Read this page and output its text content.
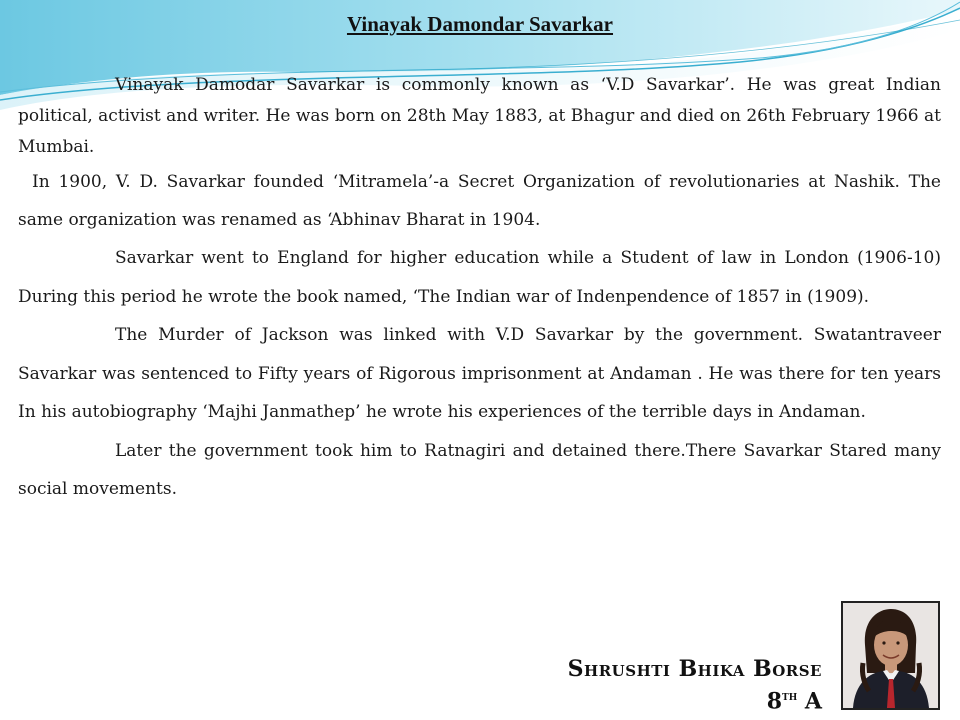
Vinayak Damondar Savarkar

Vinayak Damodar Savarkar is commonly known as ‘V.D Savarkar’. He was great Indian political, activist and writer. He was born on 28th May 1883, at Bhagur and died on 26th February 1966 at Mumbai.

In 1900, V. D. Savarkar founded ‘Mitramela’-a Secret Organization of revolutionaries at Nashik. The same organization was renamed as ‘Abhinav Bharat in 1904.

Savarkar went to England for higher education while a Student of law in London (1906-10) During this period he wrote the book named, ‘The Indian war of Indenpendence of 1857 in (1909).

The Murder of Jackson was linked with V.D Savarkar by the government. Swatantraveer Savarkar was sentenced to Fifty years of Rigorous imprisonment at Andaman . He was there for ten years In his autobiography ‘Majhi Janmathep’ he wrote his experiences of the terrible days in Andaman.

Later the government took him to Ratnagiri and detained there.There Savarkar Stared many social movements.

Shrushti Bhika Borse
8th A
